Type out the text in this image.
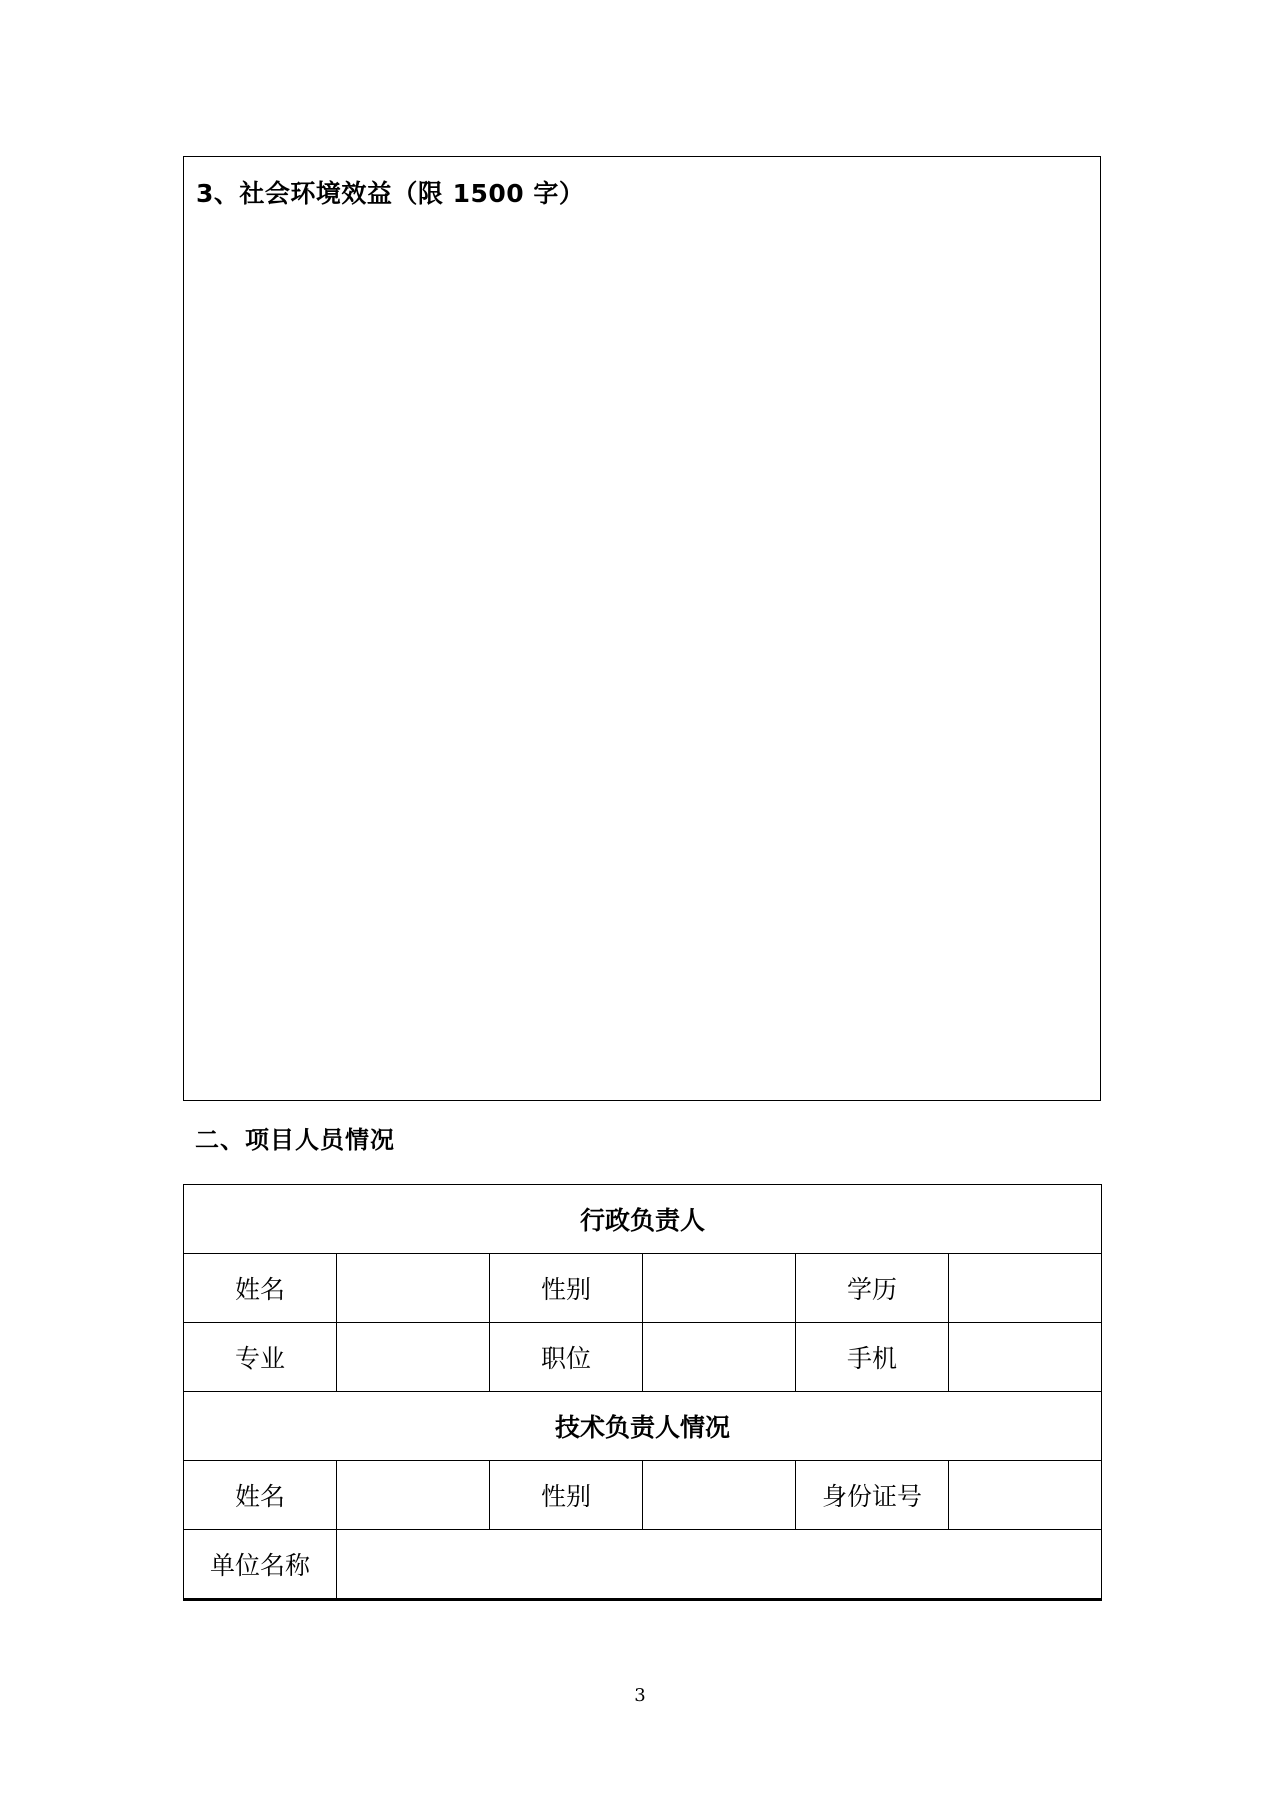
3、社会环境效益（限 1500 字）
二、项目人员情况
行政负责人					
姓名		性别		学历	
专业		职位		手机	
技术负责人情况					
姓名		性别		身份证号	
单位名称					
3
